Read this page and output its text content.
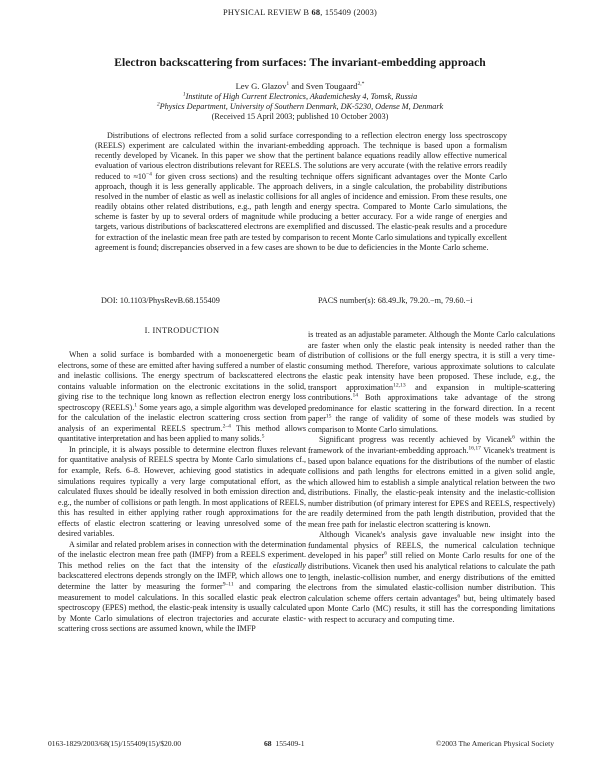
PHYSICAL REVIEW B 68, 155409 (2003)
Electron backscattering from surfaces: The invariant-embedding approach
Lev G. Glazov$^1$ and Sven Tougaard$^{2,*}$
$^1$Institute of High Current Electronics, Akademichesky 4, Tomsk, Russia
$^2$Physics Department, University of Southern Denmark, DK-5230, Odense M, Denmark
(Received 15 April 2003; published 10 October 2003)
Distributions of electrons reflected from a solid surface corresponding to a reflection electron energy loss spectroscopy (REELS) experiment are calculated within the invariant-embedding approach. The technique is based upon a formalism recently developed by Vicanek. In this paper we show that the pertinent balance equations readily allow effective numerical evaluation of various electron distributions relevant for REELS. The solutions are very accurate (with the relative errors readily reduced to $\approx 10^{-4}$ for given cross sections) and the resulting technique offers significant advantages over the Monte Carlo approach, though it is less generally applicable. The approach delivers, in a single calculation, the probability distributions resolved in the number of elastic as well as inelastic collisions for all angles of incidence and emission. From these results, one readily obtains other related distributions, e.g., path length and energy spectra. Compared to Monte Carlo simulations, the scheme is faster by up to several orders of magnitude while producing a better accuracy. For a wide range of energies and targets, various distributions of backscattered electrons are exemplified and discussed. The elastic-peak results and a procedure for extraction of the inelastic mean free path are tested by comparison to recent Monte Carlo simulations and typically excellent agreement is found; discrepancies observed in a few cases are shown to be due to deficiencies in the Monte Carlo scheme.
DOI: 10.1103/PhysRevB.68.155409	PACS number(s): 68.49.Jk, 79.20.−m, 79.60.−i
I. INTRODUCTION

When a solid surface is bombarded with a monoenergetic beam of electrons, some of these are emitted after having suffered a number of elastic and inelastic collisions. The energy spectrum of backscattered electrons contains valuable information on the electronic excitations in the solid, giving rise to the technique long known as reflection electron energy loss spectroscopy (REELS).$^1$ Some years ago, a simple algorithm was developed for the calculation of the inelastic electron scattering cross section from analysis of an experimental REELS spectrum.$^{2-4}$ This method allows quantitative interpretation and has been applied to many solids.$^5$

In principle, it is always possible to determine electron fluxes relevant for quantitative analysis of REELS spectra by Monte Carlo simulations cf., for example, Refs. 6–8. However, achieving good statistics in adequate simulations requires typically a very large computational effort, as the calculated fluxes should be ideally resolved in both emission direction and, e.g., the number of collisions or path length. In most applications of REELS, this has resulted in either applying rather rough approximations for the effects of elastic electron scattering or leaving unresolved some of the desired variables.

A similar and related problem arises in connection with the determination of the inelastic electron mean free path (IMFP) from a REELS experiment. This method relies on the fact that the intensity of the elastically backscattered electrons depends strongly on the IMFP, which allows one to determine the latter by measuring the former$^{9-11}$ and comparing the measurement to model calculations. In this socalled elastic peak electron spectroscopy (EPES) method, the elastic-peak intensity is usually calculated by Monte Carlo simulations of electron trajectories and accurate elastic-scattering cross sections are assumed known, while the IMFP

is treated as an adjustable parameter. Although the Monte Carlo calculations are faster when only the elastic peak intensity is needed rather than the distribution of collisions or the full energy spectra, it is still a very time-consuming method. Therefore, various approximate solutions to calculate the elastic peak intensity have been proposed. These include, e.g., the transport approximation$^{12,13}$ and expansion in multiple-scattering contributions.$^{14}$ Both approximations take advantage of the strong predominance for elastic scattering in the forward direction. In a recent paper$^{15}$ the range of validity of some of these models was studied by comparison to Monte Carlo simulations.

Significant progress was recently achieved by Vicanek$^6$ within the framework of the invariant-embedding approach.$^{16,17}$ Vicanek's treatment is based upon balance equations for the distributions of the number of elastic collisions and path lengths for electrons emitted in a given solid angle, which allowed him to establish a simple analytical relation between the two distributions. Finally, the elastic-peak intensity and the inelastic-collision number distribution (of primary interest for EPES and REELS, respectively) are readily determined from the path length distribution, provided that the mean free path for inelastic electron scattering is known.

Although Vicanek's analysis gave invaluable new insight into the fundamental physics of REELS, the numerical calculation technique developed in his paper$^6$ still relied on Monte Carlo results for one of the distributions. Vicanek then used his analytical relations to calculate the path length, inelastic-collision number, and energy distributions of the emitted electrons from the simulated elastic-collision number distribution. This calculation scheme offers certain advantages$^6$ but, being ultimately based upon Monte Carlo (MC) results, it still has the corresponding limitations with respect to accuracy and computing time.

0163-1829/2003/68(15)/155409(15)/$20.00	68 155409-1	©2003 The American Physical Society
